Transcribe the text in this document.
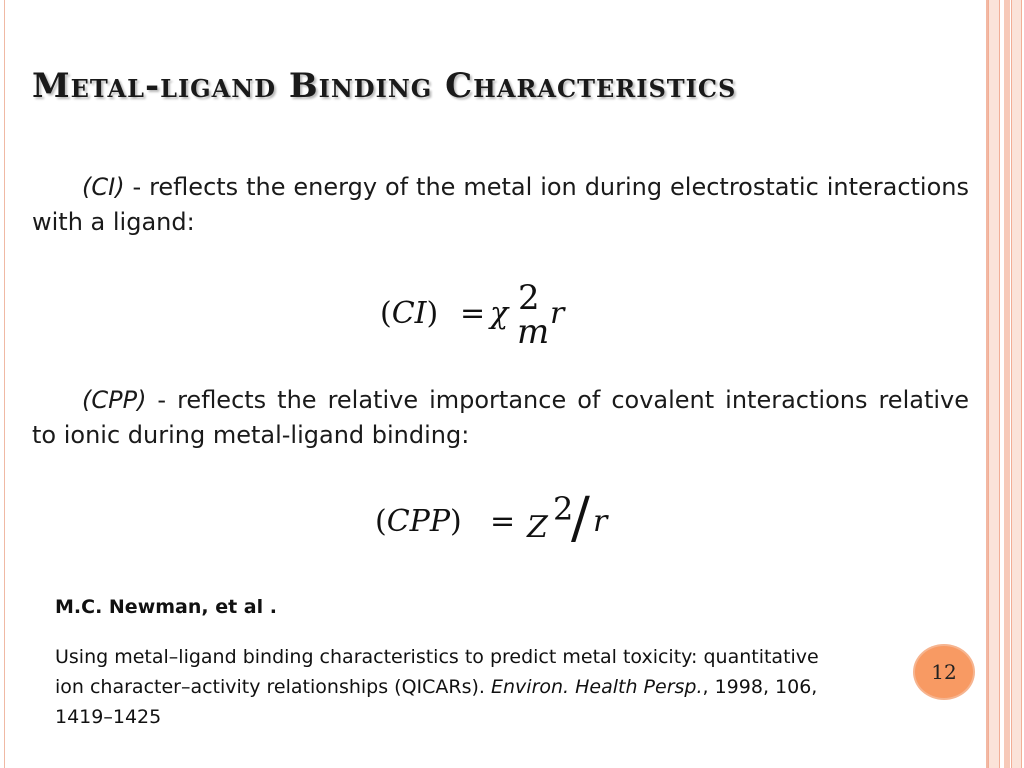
Metal-ligand Binding Characteristics

(CI) - reflects the energy of the metal ion during electrostatic interactions with a ligand:

(CI) = χ 2
m r

(CPP) - reflects the relative importance of covalent interactions relative to ionic during metal-ligand binding:

(CPP) = Z 2
/ r

M.C. Newman, et al .

Using metal–ligand binding characteristics to predict metal toxicity: quantitative ion character–activity relationships (QICARs). Environ. Health Persp., 1998, 106, 1419–1425

12
